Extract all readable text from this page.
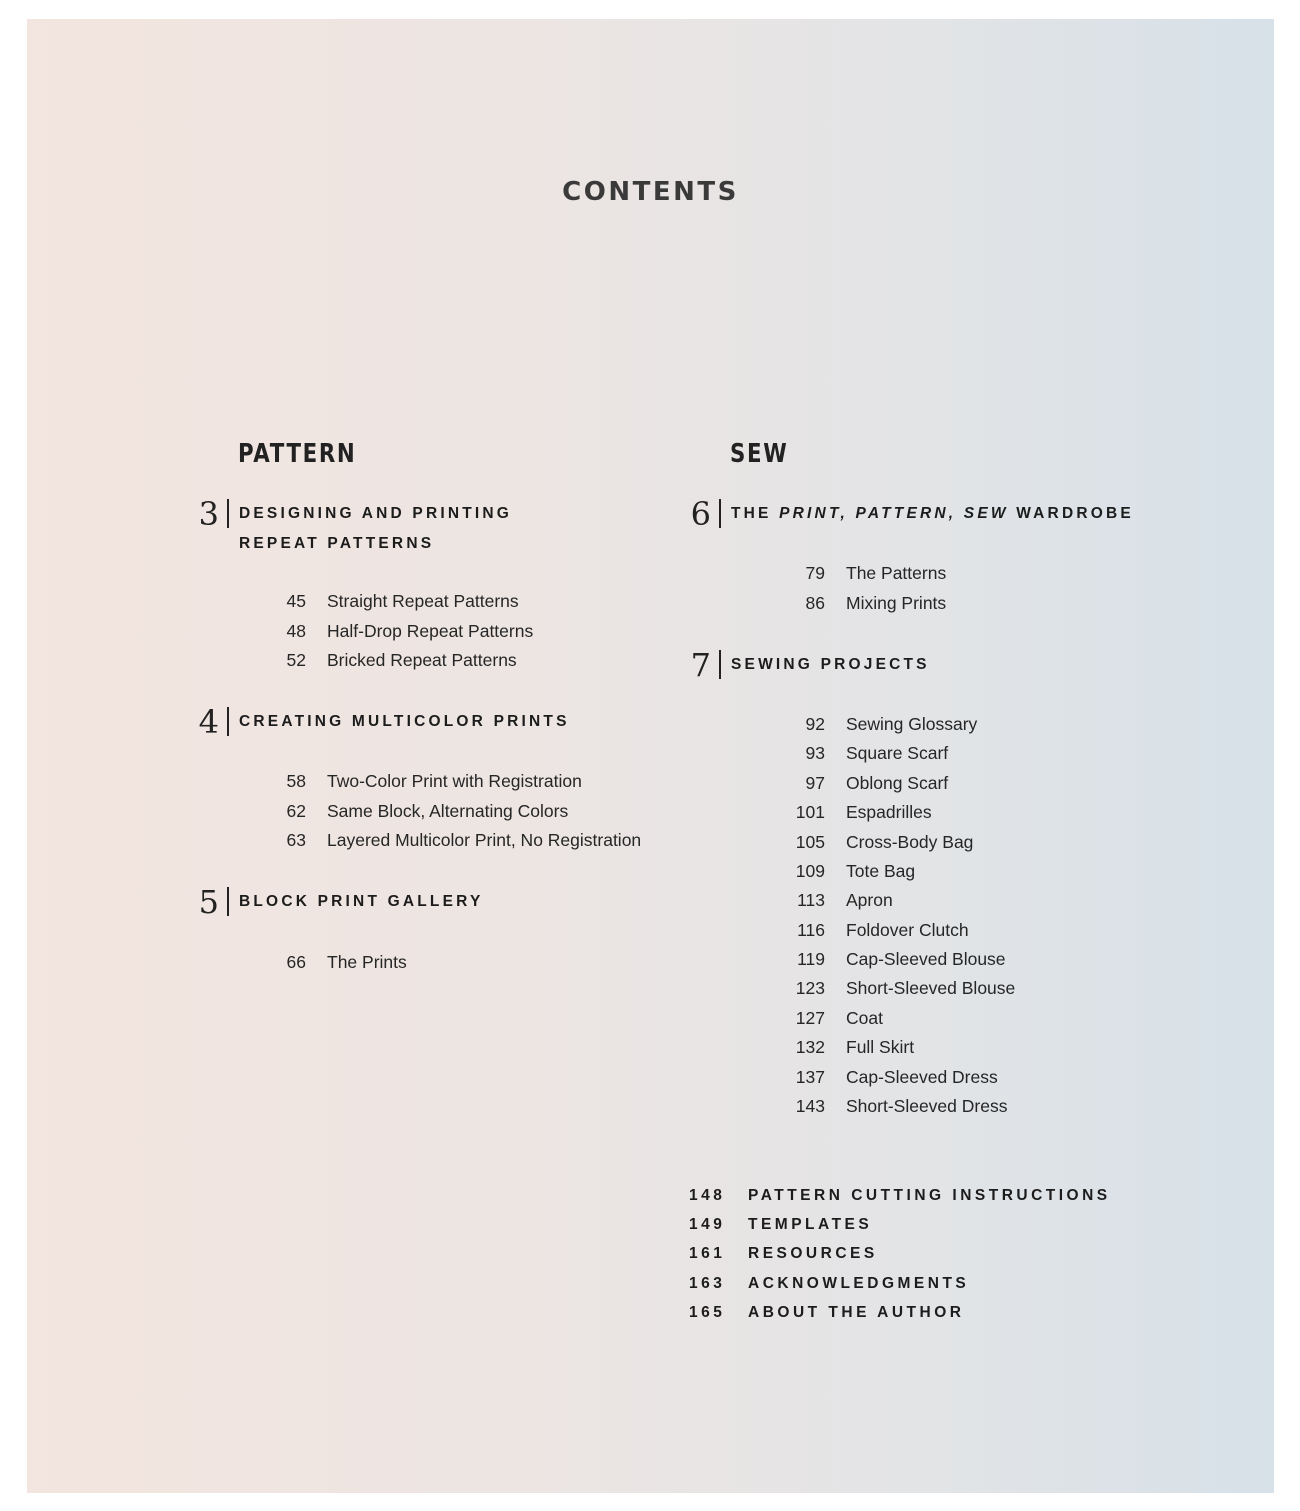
CONTENTS
PATTERN
3 DESIGNING AND PRINTING REPEAT PATTERNS
45 Straight Repeat Patterns
48 Half-Drop Repeat Patterns
52 Bricked Repeat Patterns
4 CREATING MULTICOLOR PRINTS
58 Two-Color Print with Registration
62 Same Block, Alternating Colors
63 Layered Multicolor Print, No Registration
5 BLOCK PRINT GALLERY
66 The Prints
SEW
6 THE PRINT, PATTERN, SEW WARDROBE
79 The Patterns
86 Mixing Prints
7 SEWING PROJECTS
92 Sewing Glossary
93 Square Scarf
97 Oblong Scarf
101 Espadrilles
105 Cross-Body Bag
109 Tote Bag
113 Apron
116 Foldover Clutch
119 Cap-Sleeved Blouse
123 Short-Sleeved Blouse
127 Coat
132 Full Skirt
137 Cap-Sleeved Dress
143 Short-Sleeved Dress
148	PATTERN CUTTING INSTRUCTIONS
149	TEMPLATES
161	RESOURCES
163	ACKNOWLEDGMENTS
165	ABOUT THE AUTHOR
